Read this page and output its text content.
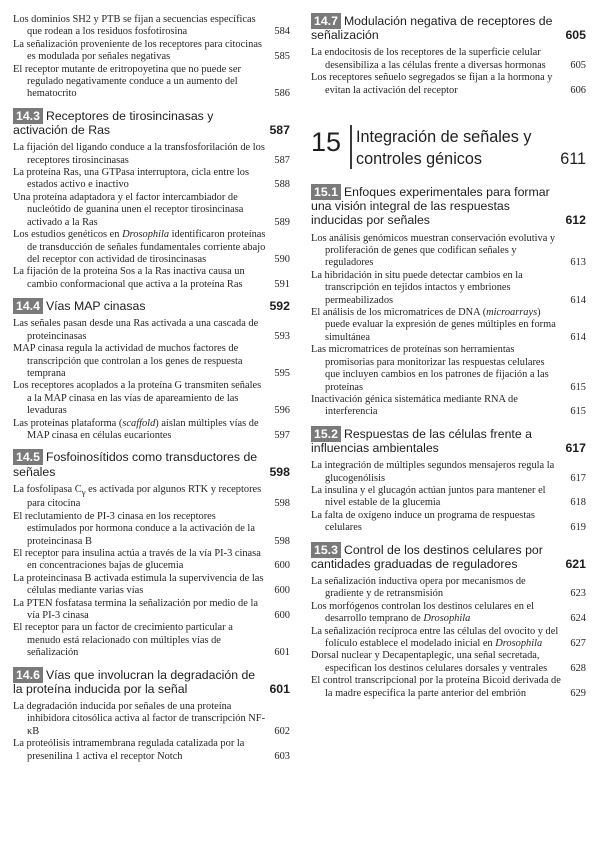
Los dominios SH2 y PTB se fijan a secuencias específicas que rodean a los residuos fosfotirosina	584
La señalización proveniente de los receptores para citocinas es modulada por señales negativas	585
El receptor mutante de eritropoyetina que no puede ser regulado negativamente conduce a un aumento del hematocrito	586
14.3 Receptores de tirosincinasas y activación de Ras	587
La fijación del ligando conduce a la transfosforilación de los receptores tirosincinasas	587
La proteína Ras, una GTPasa interruptora, cicla entre los estados activo e inactivo	588
Una proteína adaptadora y el factor intercambiador de nucleótido de guanina unen el receptor tirosincinasa activado a la Ras	589
Los estudios genéticos en Drosophila identificaron proteínas de transducción de señales fundamentales corriente abajo del receptor con actividad de tirosincinasas	590
La fijación de la proteína Sos a la Ras inactiva causa un cambio conformacional que activa a la proteína Ras	591
14.4 Vías MAP cinasas	592
Las señales pasan desde una Ras activada a una cascada de proteincinasas	593
MAP cinasa regula la actividad de muchos factores de transcripción que controlan a los genes de respuesta temprana	595
Los receptores acoplados a la proteína G transmiten señales a la MAP cinasa en las vías de apareamiento de las levaduras	596
Las proteínas plataforma (scaffold) aíslan múltiples vías de MAP cinasa en células eucariontes	597
14.5 Fosfoinosítidos como transductores de señales	598
La fosfolipasa $C_\gamma$ es activada por algunos RTK y receptores para citocina	598
El reclutamiento de PI-3 cinasa en los receptores estimulados por hormona conduce a la activación de la proteincinasa B	598
El receptor para insulina actúa a través de la vía PI-3 cinasa en concentraciones bajas de glucemia	600
La proteincinasa B activada estimula la supervivencia de las células mediante varias vías	600
La PTEN fosfatasa termina la señalización por medio de la vía PI-3 cinasa	600
El receptor para un factor de crecimiento particular a menudo está relacionado con múltiples vías de señalización	601
14.6 Vías que involucran la degradación de la proteína inducida por la señal	601
La degradación inducida por señales de una proteína inhibidora citosólica activa al factor de transcripción NF-κB	602
La proteólisis intramembrana regulada catalizada por la presenilina 1 activa el receptor Notch	603
14.7 Modulación negativa de receptores de señalización	605
La endocitosis de los receptores de la superficie celular desensibiliza a las células frente a diversas hormonas	605
Los receptores señuelo segregados se fijan a la hormona y evitan la activación del receptor	606
15 Integración de señales y controles génicos	611
15.1 Enfoques experimentales para formar una visión integral de las respuestas inducidas por señales	612
Los análisis genómicos muestran conservación evolutiva y proliferación de genes que codifican señales y reguladores	613
La hibridación in situ puede detectar cambios en la transcripción en tejidos intactos y embriones permeabilizados	614
El análisis de los micromatrices de DNA (microarrays) puede evaluar la expresión de genes múltiples en forma simultánea	614
Las micromatrices de proteínas son herramientas promisorias para monitorizar las respuestas celulares que incluyen cambios en los patrones de fijación a las proteínas	615
Inactivación génica sistemática mediante RNA de interferencia	615
15.2 Respuestas de las células frente a influencias ambientales	617
La integración de múltiples segundos mensajeros regula la glucogenólisis	617
La insulina y el glucagón actúan juntos para mantener el nivel estable de la glucemia	618
La falta de oxígeno induce un programa de respuestas celulares	619
15.3 Control de los destinos celulares por cantidades graduadas de reguladores	621
La señalización inductiva opera por mecanismos de gradiente y de retransmisión	623
Los morfógenos controlan los destinos celulares en el desarrollo temprano de Drosophila	624
La señalización recíproca entre las células del ovocito y del folículo establece el modelado inicial en Drosophila	627
Dorsal nuclear y Decapentaplegic, una señal secretada, especifican los destinos celulares dorsales y ventrales	628
El control transcripcional por la proteína Bicoid derivada de la madre especifica la parte anterior del embrión	629
